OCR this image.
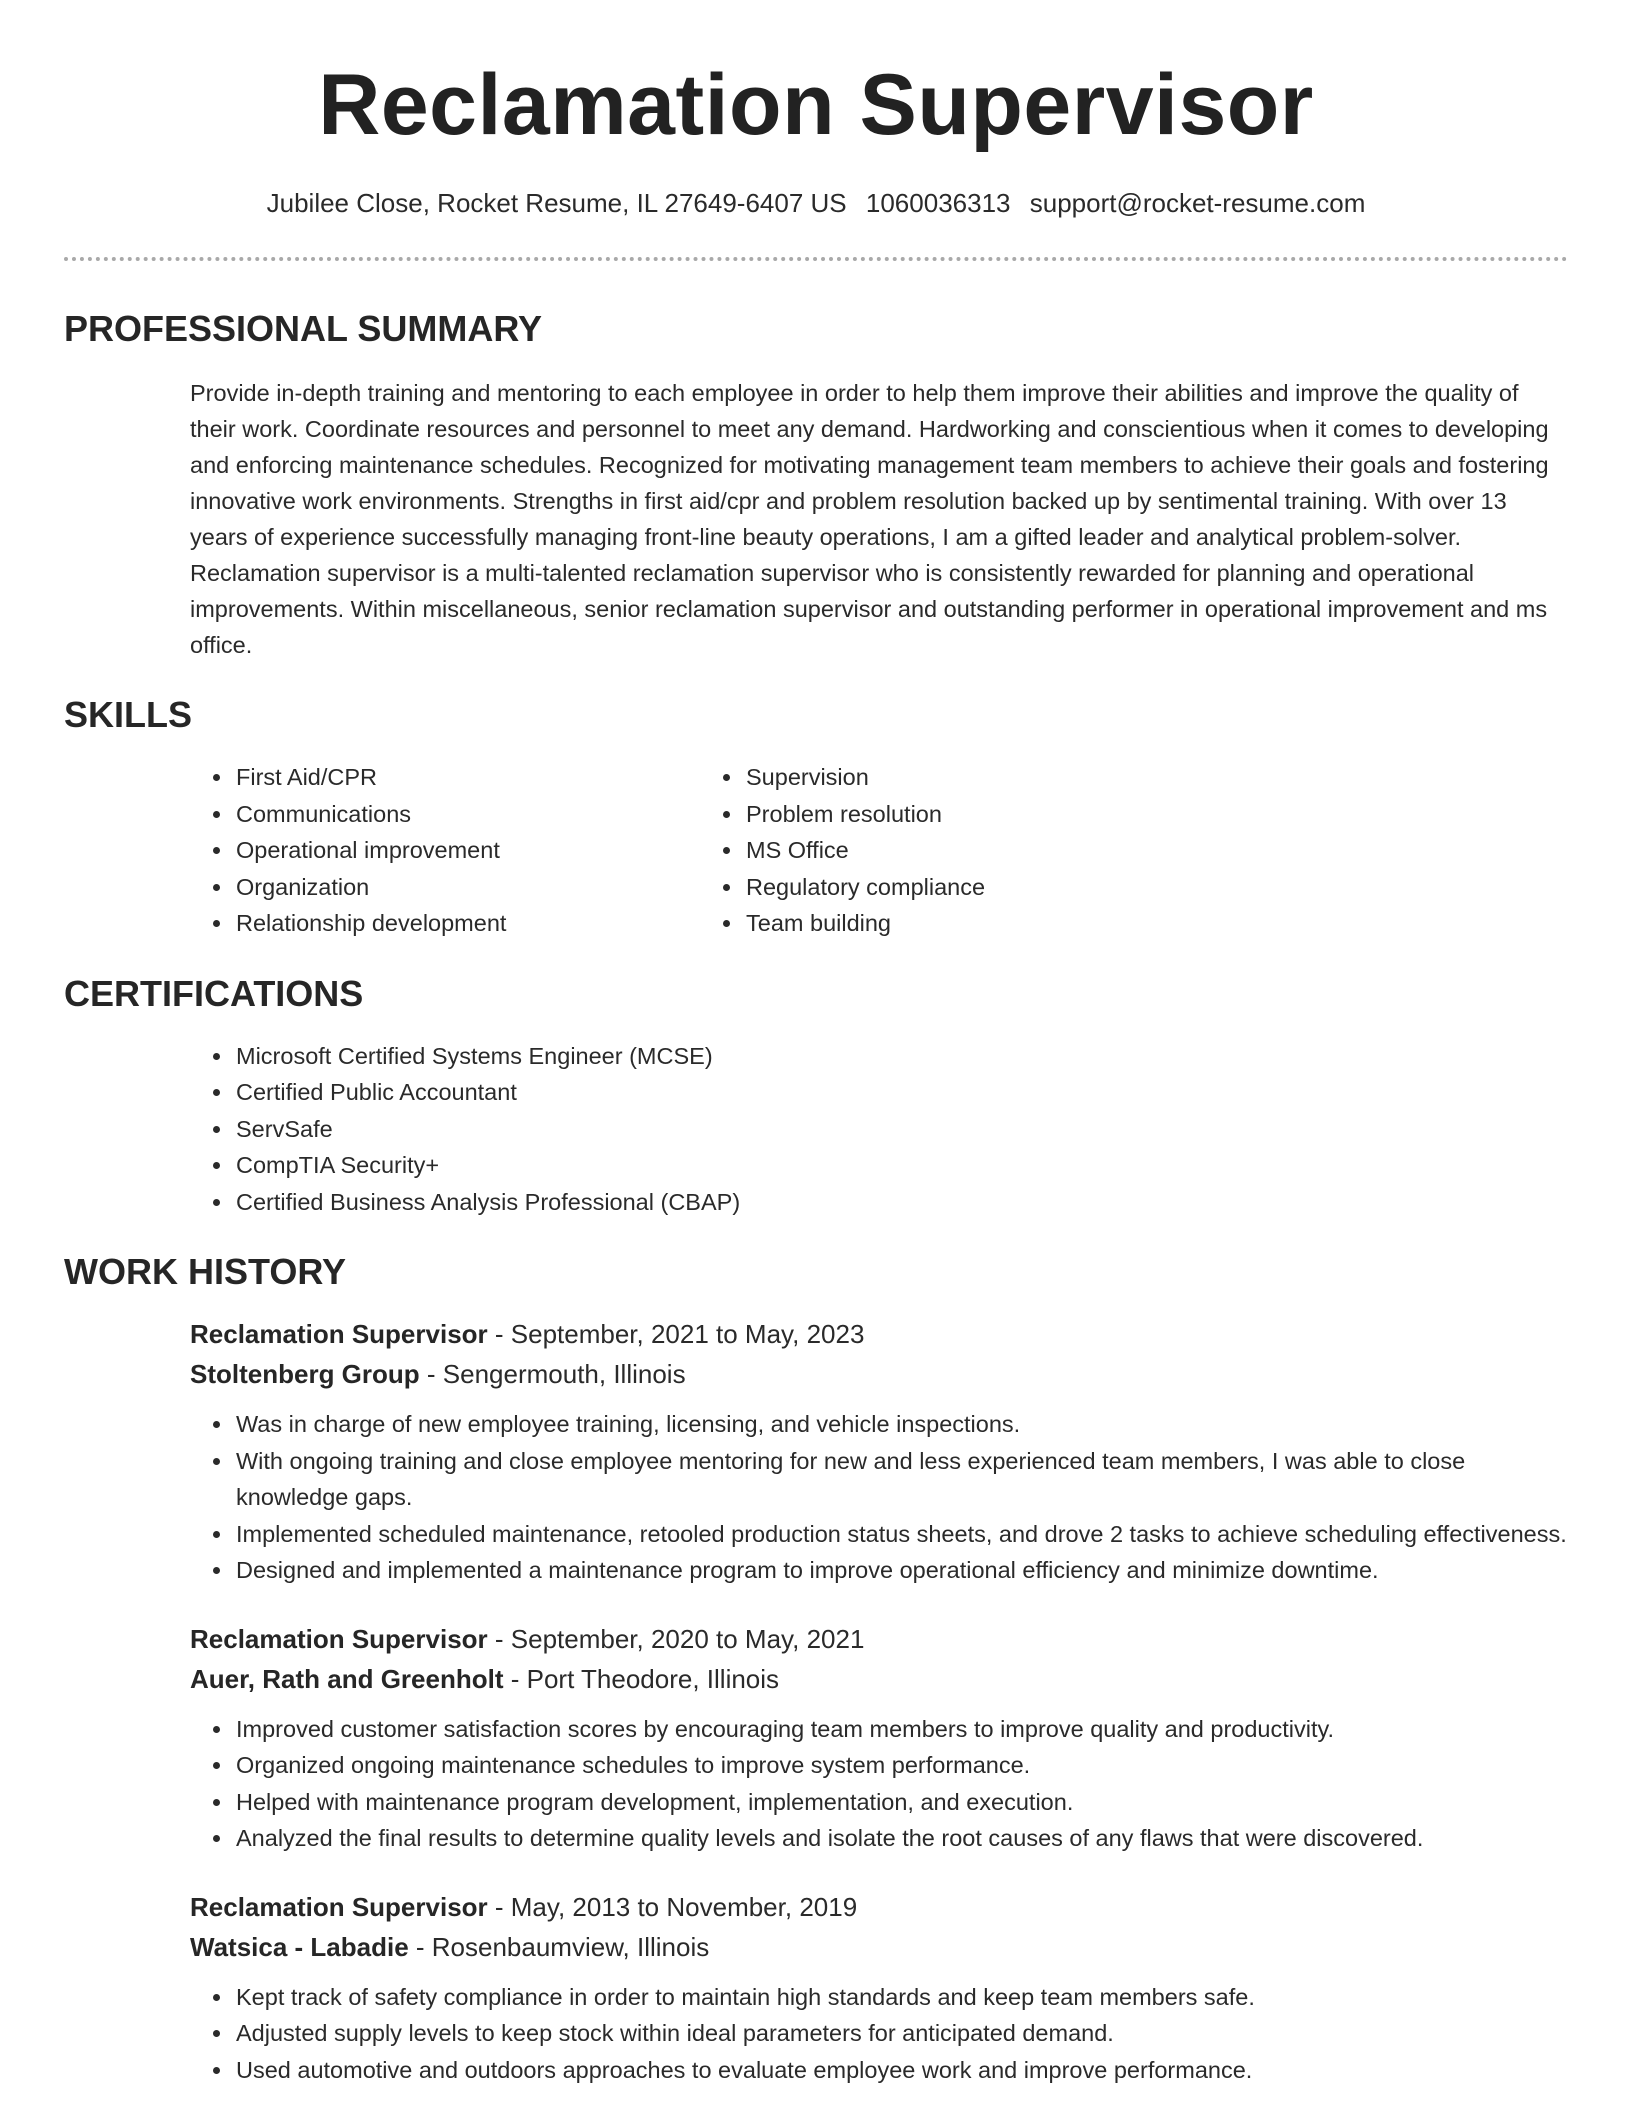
Reclamation Supervisor
Jubilee Close, Rocket Resume, IL 27649-6407 US 1060036313 support@rocket-resume.com
PROFESSIONAL SUMMARY

Provide in-depth training and mentoring to each employee in order to help them improve their abilities and improve the quality of their work. Coordinate resources and personnel to meet any demand. Hardworking and conscientious when it comes to developing and enforcing maintenance schedules. Recognized for motivating management team members to achieve their goals and fostering innovative work environments. Strengths in first aid/cpr and problem resolution backed up by sentimental training. With over 13 years of experience successfully managing front-line beauty operations, I am a gifted leader and analytical problem-solver. Reclamation supervisor is a multi-talented reclamation supervisor who is consistently rewarded for planning and operational improvements. Within miscellaneous, senior reclamation supervisor and outstanding performer in operational improvement and ms office.

SKILLS
• First Aid/CPR
• Communications
• Operational improvement
• Organization
• Relationship development
• Supervision
• Problem resolution
• MS Office
• Regulatory compliance
• Team building
CERTIFICATIONS
• Microsoft Certified Systems Engineer (MCSE)
• Certified Public Accountant
• ServSafe
• CompTIA Security+
• Certified Business Analysis Professional (CBAP)
WORK HISTORY
Reclamation Supervisor - September, 2021 to May, 2023
Stoltenberg Group - Sengermouth, Illinois
• Was in charge of new employee training, licensing, and vehicle inspections.
• With ongoing training and close employee mentoring for new and less experienced team members, I was able to close knowledge gaps.
• Implemented scheduled maintenance, retooled production status sheets, and drove 2 tasks to achieve scheduling effectiveness.
• Designed and implemented a maintenance program to improve operational efficiency and minimize downtime.
Reclamation Supervisor - September, 2020 to May, 2021
Auer, Rath and Greenholt - Port Theodore, Illinois
• Improved customer satisfaction scores by encouraging team members to improve quality and productivity.
• Organized ongoing maintenance schedules to improve system performance.
• Helped with maintenance program development, implementation, and execution.
• Analyzed the final results to determine quality levels and isolate the root causes of any flaws that were discovered.
Reclamation Supervisor - May, 2013 to November, 2019
Watsica - Labadie - Rosenbaumview, Illinois
• Kept track of safety compliance in order to maintain high standards and keep team members safe.
• Adjusted supply levels to keep stock within ideal parameters for anticipated demand.
• Used automotive and outdoors approaches to evaluate employee work and improve performance.
